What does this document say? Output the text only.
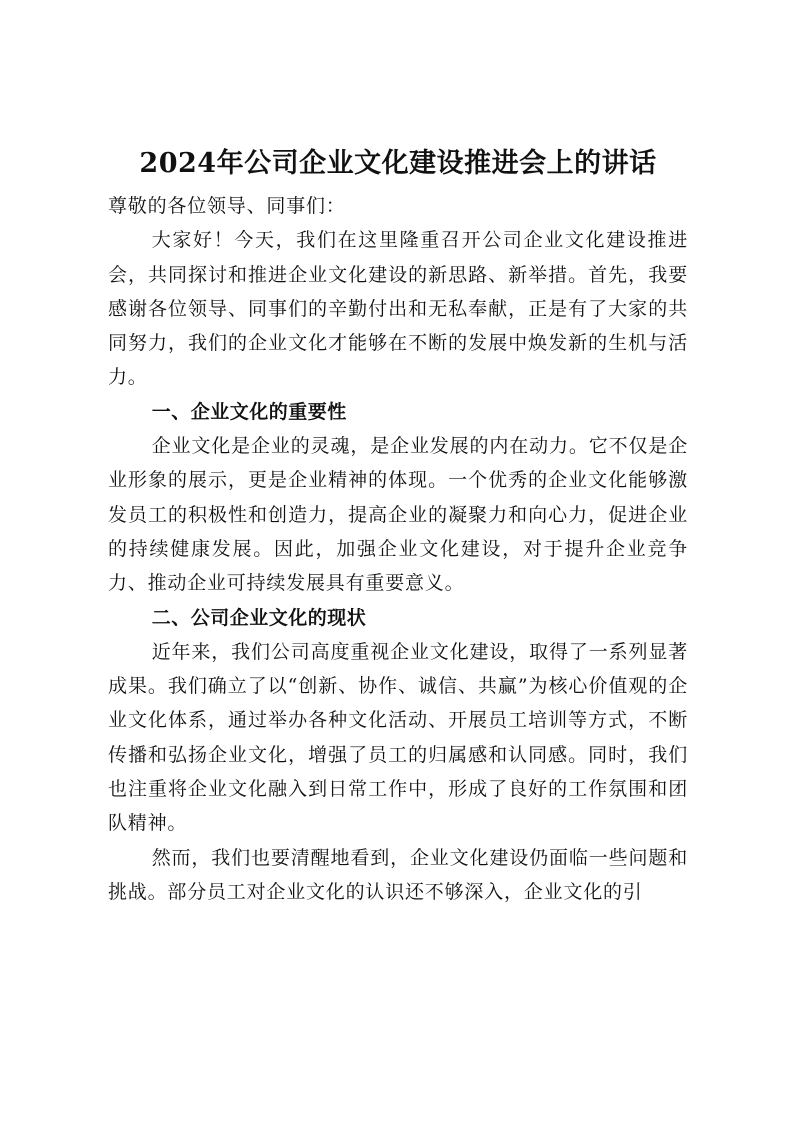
2024年公司企业文化建设推进会上的讲话

尊敬的各位领导、同事们：

大家好！今天，我们在这里隆重召开公司企业文化建设推进会，共同探讨和推进企业文化建设的新思路、新举措。首先，我要感谢各位领导、同事们的辛勤付出和无私奉献，正是有了大家的共同努力，我们的企业文化才能够在不断的发展中焕发新的生机与活力。

一、企业文化的重要性

企业文化是企业的灵魂，是企业发展的内在动力。它不仅是企业形象的展示，更是企业精神的体现。一个优秀的企业文化能够激发员工的积极性和创造力，提高企业的凝聚力和向心力，促进企业的持续健康发展。因此，加强企业文化建设，对于提升企业竞争力、推动企业可持续发展具有重要意义。

二、公司企业文化的现状

近年来，我们公司高度重视企业文化建设，取得了一系列显著成果。我们确立了以“创新、协作、诚信、共赢”为核心价值观的企业文化体系，通过举办各种文化活动、开展员工培训等方式，不断传播和弘扬企业文化，增强了员工的归属感和认同感。同时，我们也注重将企业文化融入到日常工作中，形成了良好的工作氛围和团队精神。

然而，我们也要清醒地看到，企业文化建设仍面临一些问题和挑战。部分员工对企业文化的认识还不够深入，企业文化的引
